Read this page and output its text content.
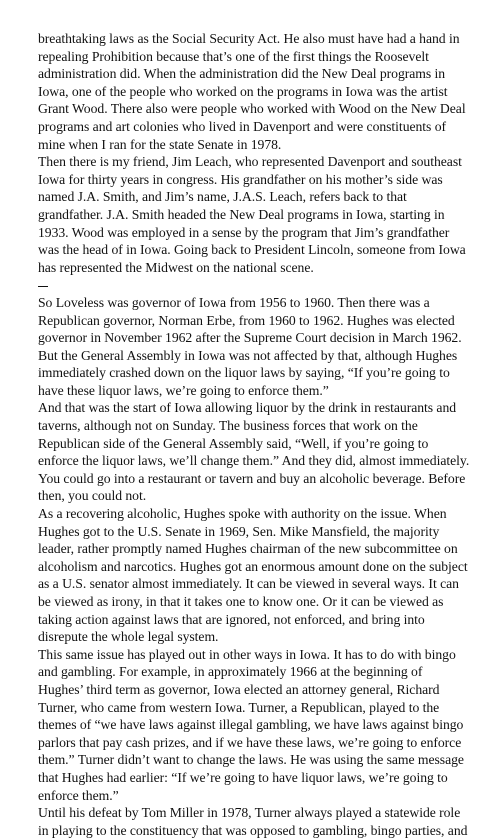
breathtaking laws as the Social Security Act. He also must have had a hand in repealing Prohibition because that’s one of the first things the Roosevelt administration did. When the administration did the New Deal programs in Iowa, one of the people who worked on the programs in Iowa was the artist Grant Wood. There also were people who worked with Wood on the New Deal programs and art colonies who lived in Davenport and were constituents of mine when I ran for the state Senate in 1978.

Then there is my friend, Jim Leach, who represented Davenport and southeast Iowa for thirty years in congress. His grandfather on his mother’s side was named J.A. Smith, and Jim’s name, J.A.S. Leach, refers back to that grandfather. J.A. Smith headed the New Deal programs in Iowa, starting in 1933. Wood was employed in a sense by the program that Jim’s grandfather was the head of in Iowa. Going back to President Lincoln, someone from Iowa has represented the Midwest on the national scene.

So Loveless was governor of Iowa from 1956 to 1960. Then there was a Republican governor, Norman Erbe, from 1960 to 1962. Hughes was elected governor in November 1962 after the Supreme Court decision in March 1962. But the General Assembly in Iowa was not affected by that, although Hughes immediately crashed down on the liquor laws by saying, “If you’re going to have these liquor laws, we’re going to enforce them.”

And that was the start of Iowa allowing liquor by the drink in restaurants and taverns, although not on Sunday. The business forces that work on the Republican side of the General Assembly said, “Well, if you’re going to enforce the liquor laws, we’ll change them.” And they did, almost immediately. You could go into a restaurant or tavern and buy an alcoholic beverage. Before then, you could not.

As a recovering alcoholic, Hughes spoke with authority on the issue. When Hughes got to the U.S. Senate in 1969, Sen. Mike Mansfield, the majority leader, rather promptly named Hughes chairman of the new subcommittee on alcoholism and narcotics. Hughes got an enormous amount done on the subject as a U.S. senator almost immediately. It can be viewed in several ways. It can be viewed as irony, in that it takes one to know one. Or it can be viewed as taking action against laws that are ignored, not enforced, and bring into disrepute the whole legal system.

This same issue has played out in other ways in Iowa. It has to do with bingo and gambling. For example, in approximately 1966 at the beginning of Hughes’ third term as governor, Iowa elected an attorney general, Richard Turner, who came from western Iowa. Turner, a Republican, played to the themes of “we have laws against illegal gambling, we have laws against bingo parlors that pay cash prizes, and if we have these laws, we’re going to enforce them.” Turner didn’t want to change the laws. He was using the same message that Hughes had earlier: “If we’re going to have liquor laws, we’re going to enforce them.”

Until his defeat by Tom Miller in 1978, Turner always played a statewide role in playing to the constituency that was opposed to gambling, bingo parties, and
